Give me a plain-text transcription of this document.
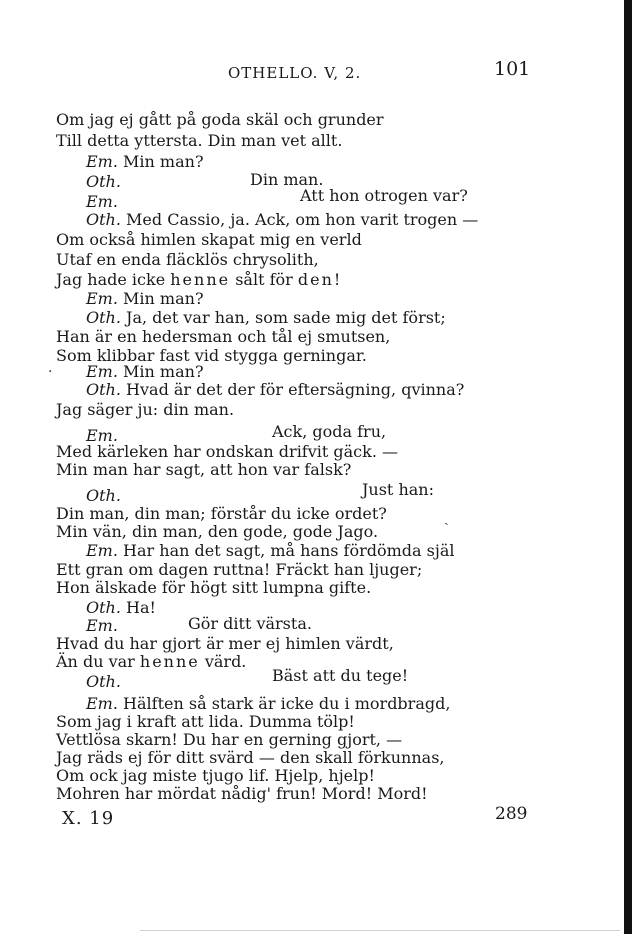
OTHELLO. V, 2.	101
Om jag ej gått på goda skäl och grunder
Till detta yttersta. Din man vet allt.
Em. Min man?
Oth.	Din man.
Em.	Att hon otrogen var?
Oth. Med Cassio, ja. Ack, om hon varit trogen —
Om också himlen skapat mig en verld
Utaf en enda fläcklös chrysolith,
Jag hade icke henne sålt för den!
Em. Min man?
Oth. Ja, det var han, som sade mig det först;
Han är en hedersman och tål ej smutsen,
Som klibbar fast vid stygga gerningar.
· Em. Min man?
Oth. Hvad är det der för eftersägning, qvinna?
Jag säger ju: din man.
Em.	Ack, goda fru,
Med kärleken har ondskan drifvit gäck. —
Min man har sagt, att hon var falsk?
Oth.	Just han:
Din man, din man; förstår du icke ordet?
Min vän, din man, den gode, gode Jago.
ˎ
Em. Har han det sagt, må hans fördömda själ
Ett gran om dagen ruttna! Fräckt han ljuger;
Hon älskade för högt sitt lumpna gifte.
Oth. Ha!
Em.	Gör ditt värsta.
Hvad du har gjort är mer ej himlen värdt,
Än du var henne värd.
Oth.	Bäst att du tege!
Em. Hälften så stark är icke du i mordbragd,
Som jag i kraft att lida. Dumma tölp!
Vettlösa skarn! Du har en gerning gjort, —
Jag räds ej för ditt svärd — den skall förkunnas,
Om ock jag miste tjugo lif. Hjelp, hjelp!
Mohren har mördat nådig' frun! Mord! Mord!
X. 19	289
